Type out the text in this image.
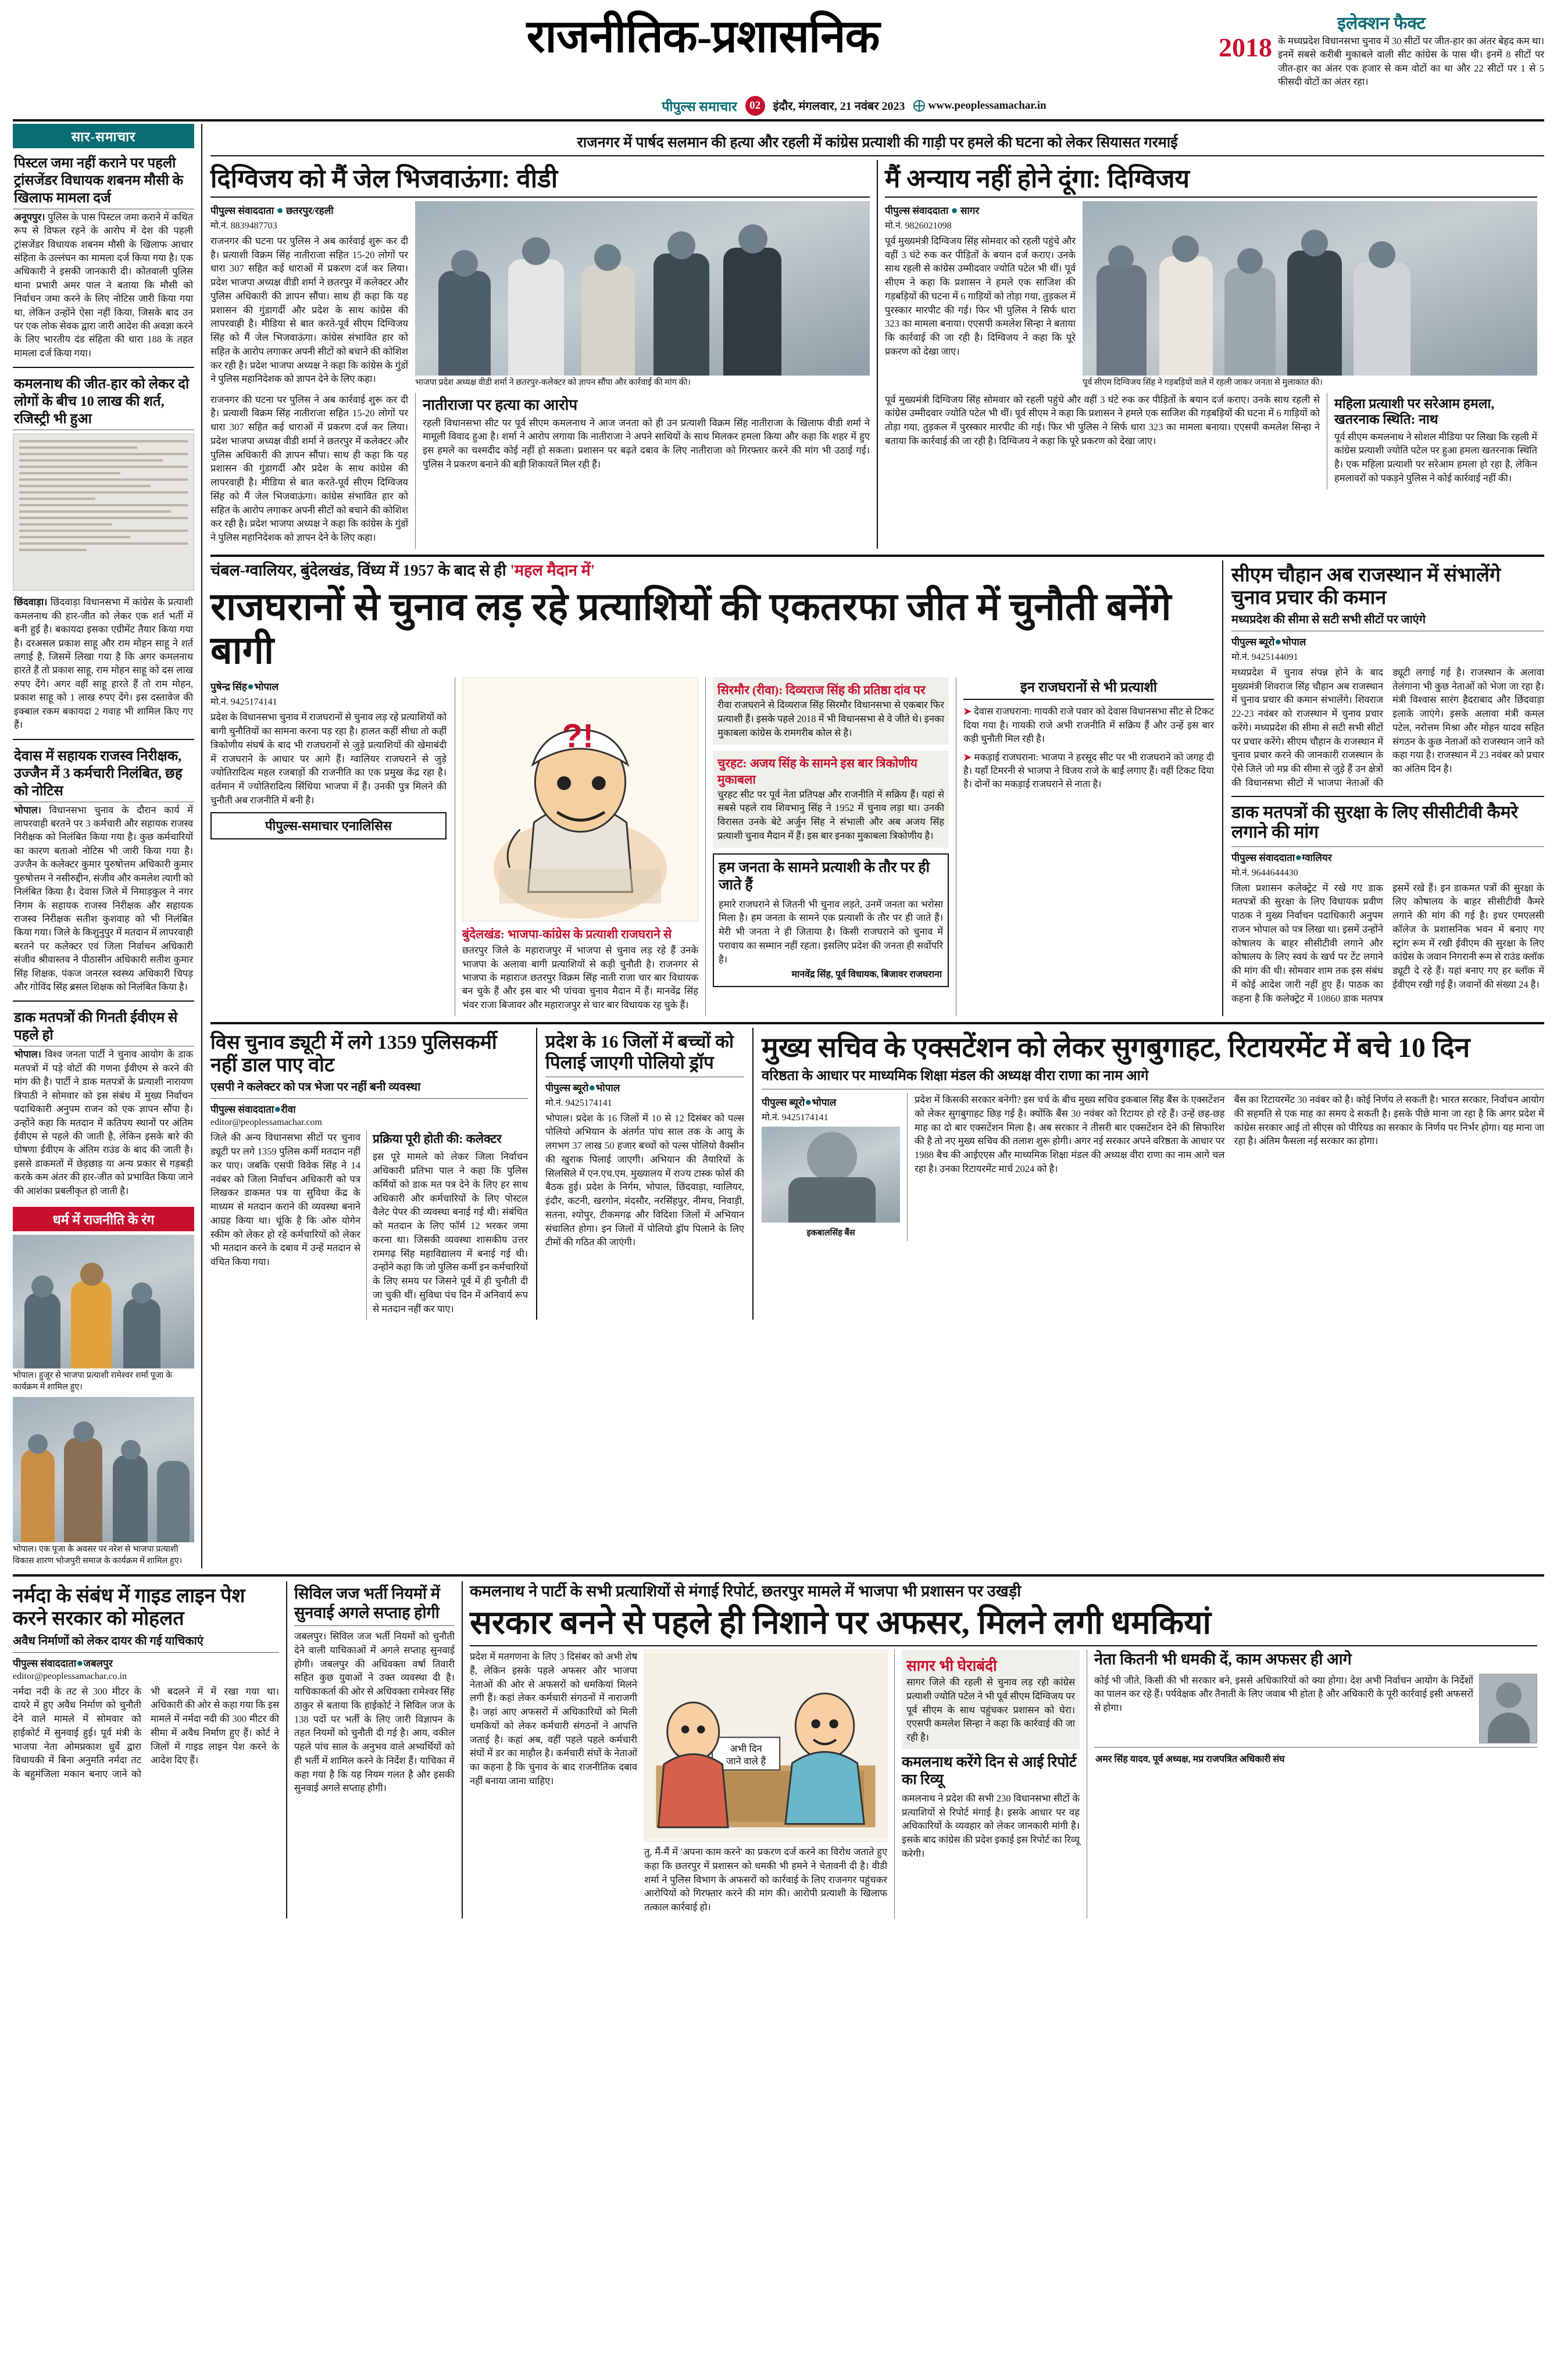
राजनीतिक-प्रशासनिक	इलेक्शन फैक्ट
2018 के मध्यप्रदेश विधानसभा चुनाव में 30 सीटों पर जीत-हार का अंतर बेहद कम था। इनमें सबसे करीबी मुकाबले वाली सीट कांग्रेस के पास थी। इनमें 8 सीटों पर जीत-हार का अंतर एक हजार से कम वोटों का था और 22 सीटों पर 1 से 5 फीसदी वोटों का अंतर रहा।
पीपुल्स समाचार	02	इंदौर, मंगलवार, 21 नवंबर 2023 www.peoplessamachar.in
सार-समाचार
पिस्टल जमा नहीं कराने पर पहली ट्रांसजेंडर विधायक शबनम मौसी के खिलाफ मामला दर्ज
अनूपपुर। पुलिस के पास पिस्टल जमा कराने में कथित रूप से विफल रहने के आरोप में देश की पहली ट्रांसजेंडर विधायक शबनम मौसी के खिलाफ आचार संहिता के उल्लंघन का मामला दर्ज किया गया है। एक अधिकारी ने इसकी जानकारी दी। कोतवाली पुलिस थाना प्रभारी अमर पाल ने बताया कि मौसी को निर्वाचन जमा करने के लिए नोटिस जारी किया गया था, लेकिन उन्होंने ऐसा नहीं किया, जिसके बाद उन पर एक लोक सेवक द्वारा जारी आदेश की अवज्ञा करने के लिए भारतीय दंड संहिता की धारा 188 के तहत मामला दर्ज किया गया।
कमलनाथ की जीत-हार को लेकर दो लोगों के बीच 10 लाख की शर्त, रजिस्ट्री भी हुआ
छिंदवाड़ा। छिंदवाड़ा विधानसभा में कांग्रेस के प्रत्याशी कमलनाथ की हार-जीत को लेकर एक शर्त भर्ती में बनी हुई है। बकायदा इसका एग्रीमेंट तैयार किया गया है। दरअसल प्रकाश साहू और राम मोहन साहू ने शर्त लगाई है, जिसमें लिखा गया है कि अगर कमलनाथ हारते हैं तो प्रकाश साहू, राम मोहन साहू को दस लाख रुपए देंगे। अगर वहीं साहू हारते हैं तो राम मोहन, प्रकाश साहू को 1 लाख रुपए देंगे। इस दस्तावेज की इक्बाल रकम बकायदा 2 गवाह भी शामिल किए गए हैं।
देवास में सहायक राजस्व निरीक्षक, उज्जैन में 3 कर्मचारी निलंबित, छह को नोटिस
भोपाल। विधानसभा चुनाव के दौरान कार्य में लापरवाही बरतने पर 3 कर्मचारी और सहायक राजस्व निरीक्षक को निलंबित किया गया है। कुछ कर्मचारियों का कारण बताओ नोटिस भी जारी किया गया है। उज्जैन के कलेक्टर कुमार पुरुषोत्तम अधिकारी कुमार पुरुषोत्तम ने नसीरुद्दीन, संजीव और कमलेश त्यागी को निलंबित किया है। देवास जिले में निमाड़कुल ने नगर निगम के सहायक राजस्व निरीक्षक और सहायक राजस्व निरीक्षक सतीश कुशवाह को भी निलंबित किया गया। जिले के किशुनुपुर में मतदान में लापरवाही बरतने पर कलेक्टर एवं जिला निर्वाचन अधिकारी संजीव श्रीवास्तव ने पीठासीन अधिकारी सतीश कुमार सिंह शिक्षक, पंकज जनरल स्वस्थ्य अधिकारी चिपड़ और गोविंद सिंह ब्रसल शिक्षक को निलंबित किया है।
डाक मतपत्रों की गिनती ईवीएम से पहले हो
भोपाल। विश्व जनता पार्टी ने चुनाव आयोग के डाक मतपत्रों में पड़े वोटों की गणना ईवीएम से करने की मांग की है। पार्टी ने डाक मतपत्रों के प्रत्याशी नारायण त्रिपाठी ने सोमवार को इस संबंध में मुख्य निर्वाचन पदाधिकारी अनुपम राजन को एक ज्ञापन सौंपा है। उन्होंने कहा कि मतदान में कतिपय स्थानों पर अंतिम ईवीएम से पहले की जाती है, लेकिन इसके बारे की घोषणा ईवीएम के अंतिम राउंड के बाद की जाती है। इससे डाकमतों में छेड़छाड़ या अन्य प्रकार से गड़बड़ी करके कम अंतर की हार-जीत को प्रभावित किया जाने की आशंका प्रबलीकृत हो जाती है।
धर्म में राजनीति के रंग
भोपाल। हुजूर से भाजपा प्रत्याशी रामेश्वर शर्मा पूजा के कार्यक्रम में शामिल हुए।
भोपाल। एक पूजा के अवसर पर नरेश से भाजपा प्रत्याशी विकास शारण भोजपुरी समाज के कार्यक्रम में शामिल हुए।
राजनगर में पार्षद सलमान की हत्या और रहली में कांग्रेस प्रत्याशी की गाड़ी पर हमले की घटना को लेकर सियासत गरमाई
दिग्विजय को मैं जेल भिजवाऊंगा: वीडी
पीपुल्स संवाददाता ● छतरपुर/रहली
मो.नं. 8839487703

राजनगर की घटना पर पुलिस ने अब कार्रवाई शुरू कर दी है। प्रत्याशी विक्रम सिंह नातीराजा सहित 15-20 लोगों पर धारा 307 सहित कई धाराओं में प्रकरण दर्ज कर लिया। प्रदेश भाजपा अध्यक्ष वीडी शर्मा ने छतरपुर में कलेक्टर और पुलिस अधिकारी की ज्ञापन सौंपा। साथ ही कहा कि यह प्रशासन की गुंडागर्दी और प्रदेश के साथ कांग्रेस की लापरवाही है। मीडिया से बात करते-पूर्व सीएम दिग्विजय सिंह को मैं जेल भिजवाऊंगा। कांग्रेस संभावित हार को सहित के आरोप लगाकर अपनी सीटों को बचाने की कोशिश कर रही है। प्रदेश भाजपा अध्यक्ष ने कहा कि कांग्रेस के गुंडों ने पुलिस महानिदेशक को ज्ञापन देने के लिए कहा।	भाजपा प्रदेश अध्यक्ष वीडी शर्मा ने छतरपुर-कलेक्टर को ज्ञापन सौंपा और कार्रवाई की मांग की।

राजनगर की घटना पर पुलिस ने अब कार्रवाई शुरू कर दी है। प्रत्याशी विक्रम सिंह नातीराजा सहित 15-20 लोगों पर धारा 307 सहित कई धाराओं में प्रकरण दर्ज कर लिया। प्रदेश भाजपा अध्यक्ष वीडी शर्मा ने छतरपुर में कलेक्टर और पुलिस अधिकारी की ज्ञापन सौंपा। साथ ही कहा कि यह प्रशासन की गुंडागर्दी और प्रदेश के साथ कांग्रेस की लापरवाही है। मीडिया से बात करते-पूर्व सीएम दिग्विजय सिंह को मैं जेल भिजवाऊंगा। कांग्रेस संभावित हार को सहित के आरोप लगाकर अपनी सीटों को बचाने की कोशिश कर रही है। प्रदेश भाजपा अध्यक्ष ने कहा कि कांग्रेस के गुंडों ने पुलिस महानिदेशक को ज्ञापन देने के लिए कहा।

नातीराजा पर हत्या का आरोप

रहली विधानसभा सीट पर पूर्व सीएम कमलनाथ ने आज जनता को ही उन प्रत्याशी विक्रम सिंह नातीराजा के खिलाफ वीडी शर्मा ने मामूली विवाद हुआ है। शर्मा ने आरोप लगाया कि नातीराजा ने अपने साथियों के साथ मिलकर हमला किया और कहा कि शहर में हुए इस हमले का चश्मदीद कोई नहीं हो सकता। प्रशासन पर बढ़ते दबाव के लिए नातीराजा को गिरफ्तार करने की मांग भी उठाई गई। पुलिस ने प्रकरण बनाने की बड़ी शिकायतें मिल रही हैं।

मैं अन्याय नहीं होने दूंगा: दिग्विजय
पीपुल्स संवाददाता ● सागर
मो.नं. 9826021098

पूर्व मुख्यमंत्री दिग्विजय सिंह सोमवार को रहली पहुंचे और वहीं 3 घंटे रुक कर पीड़ितों के बयान दर्ज कराए। उनके साथ रहली से कांग्रेस उम्मीदवार ज्योति पटेल भी थीं। पूर्व सीएम ने कहा कि प्रशासन ने हमले एक साजिश की गड़बड़ियों की घटना में 6 गाड़ियों को तोड़ा गया, तुड़कल में पुरस्कार मारपीट की गई। फिर भी पुलिस ने सिर्फ धारा 323 का मामला बनाया। एएसपी कमलेश सिन्हा ने बताया कि कार्रवाई की जा रही है। दिग्विजय ने कहा कि पूरे प्रकरण को देखा जाए।

पूर्व सीएम दिग्विजय सिंह ने गड़बड़ियों वाले में रहली जाकर जनता से मुलाकात की।

पूर्व मुख्यमंत्री दिग्विजय सिंह सोमवार को रहली पहुंचे और वहीं 3 घंटे रुक कर पीड़ितों के बयान दर्ज कराए। उनके साथ रहली से कांग्रेस उम्मीदवार ज्योति पटेल भी थीं। पूर्व सीएम ने कहा कि प्रशासन ने हमले एक साजिश की गड़बड़ियों की घटना में 6 गाड़ियों को तोड़ा गया, तुड़कल में पुरस्कार मारपीट की गई। फिर भी पुलिस ने सिर्फ धारा 323 का मामला बनाया। एएसपी कमलेश सिन्हा ने बताया कि कार्रवाई की जा रही है। दिग्विजय ने कहा कि पूरे प्रकरण को देखा जाए।

महिला प्रत्याशी पर सरेआम हमला, खतरनाक स्थिति: नाथ

पूर्व सीएम कमलनाथ ने सोशल मीडिया पर लिखा कि रहली में कांग्रेस प्रत्याशी ज्योति पटेल पर हुआ हमला खतरनाक स्थिति है। एक महिला प्रत्याशी पर सरेआम हमला हो रहा है, लेकिन हमलावरों को पकड़ने पुलिस ने कोई कार्रवाई नहीं की।

चंबल-ग्वालियर, बुंदेलखंड, विंध्य में 1957 के बाद से ही 'महल मैदान में'
राजघरानों से चुनाव लड़ रहे प्रत्याशियों की एकतरफा जीत में चुनौती बनेंगे बागी
पुषेन्द्र सिंह●भोपाल
मो.नं. 9425174141

प्रदेश के विधानसभा चुनाव में राजघरानों से चुनाव लड़ रहे प्रत्याशियों को बागी चुनौतियों का सामना करना पड़ रहा है। हालत कहीं सीधा तो कहीं त्रिकोणीय संघर्ष के बाद भी राजघरानों से जुड़े प्रत्याशियों की खेमाबंदी में राजघराने के आधार पर आगे हैं। ग्वालियर राजघराने से जुड़े ज्योतिरादित्य महल रजबाड़ों की राजनीति का एक प्रमुख केंद्र रहा है। वर्तमान में ज्योतिरादित्य सिंधिया भाजपा में हैं। उनकी पुत्र मिलने की चुनौती अब राजनीति में बनी है।

पीपुल्स-समाचार एनालिसिस
?!
बुंदेलखंड: भाजपा-कांग्रेस के प्रत्याशी राजघराने से
छतरपुर जिले के महाराजपुर में भाजपा से चुनाव लड़ रहे हैं उनके भाजपा के अलावा बागी प्रत्याशियों से कड़ी चुनौती है। राजनगर से भाजपा के महाराज छतरपुर विक्रम सिंह नाती राजा चार बार विधायक बन चुके हैं और इस बार भी पांचवा चुनाव मैदान में हैं। मानवेंद्र सिंह भंवर राजा बिजावर और महाराजपुर से चार बार विधायक रह चुके हैं।
सिरमौर (रीवा): दिव्यराज सिंह की प्रतिष्ठा दांव पर
रीवा राजघराने से दिव्यराज सिंह सिरमौर विधानसभा से एकबार फिर प्रत्याशी हैं। इसके पहले 2018 में भी विधानसभा से वे जीते थे। इनका मुकाबला कांग्रेस के रामगरीब कोल से है।
चुरहट: अजय सिंह के सामने इस बार त्रिकोणीय मुकाबला
चुरहट सीट पर पूर्व नेता प्रतिपक्ष और राजनीति में सक्रिय हैं। यहां से सबसे पहले राव शिवभानु सिंह ने 1952 में चुनाव लड़ा था। उनकी विरासत उनके बेटे अर्जुन सिंह ने संभाली और अब अजय सिंह प्रत्याशी चुनाव मैदान में हैं। इस बार इनका मुकाबला त्रिकोणीय है।
हम जनता के सामने प्रत्याशी के तौर पर ही जाते हैं
हमारे राजघराने से जितनी भी चुनाव लड़ते, उनमें जनता का भरोसा मिला है। हम जनता के सामने एक प्रत्याशी के तौर पर ही जाते हैं। मेरी भी जनता ने ही जिताया है। किसी राजघराने को चुनाव में परावाय का सम्मान नहीं रहता। इसलिए प्रदेश की जनता ही सर्वोपरि है।
मानवेंद्र सिंह, पूर्व विधायक, बिजावर राजघराना
इन राजघरानों से भी प्रत्याशी
➤ देवास राजघराना: गायकी राजे पवार को देवास विधानसभा सीट से टिकट दिया गया है। गायकी राजे अभी राजनीति में सक्रिय हैं और उन्हें इस बार कड़ी चुनौती मिल रही है।
➤ मकड़ाई राजघराना: भाजपा ने हरसूद सीट पर भी राजघराने को जगह दी है। यहाँ टिमरनी से भाजपा ने विजय राजे के बाईं लगाए हैं। वहीं टिकट दिया है। दोनों का मकड़ाई राजघराने से नाता है।
सीएम चौहान अब राजस्थान में संभालेंगे चुनाव प्रचार की कमान
मध्यप्रदेश की सीमा से सटी सभी सीटों पर जाएंगे
पीपुल्स ब्यूरो●भोपाल
मो.नं. 9425144091

मध्यप्रदेश में चुनाव संपन्न होने के बाद मुख्यमंत्री शिवराज सिंह चौहान अब राजस्थान में चुनाव प्रचार की कमान संभालेंगे। शिवराज 22-23 नवंबर को राजस्थान में चुनाव प्रचार करेंगे। मध्यप्रदेश की सीमा से सटी सभी सीटों पर प्रचार करेंगे। सीएम चौहान के राजस्थान में चुनाव प्रचार करने की जानकारी राजस्थान के ऐसे जिले जो मप्र की सीमा से जुड़े हैं उन क्षेत्रों की विधानसभा सीटों में भाजपा नेताओं की ड्यूटी लगाई गई है। राजस्थान के अलावा तेलंगाना भी कुछ नेताओं को भेजा जा रहा है। मंत्री विश्वास सारंग हैदराबाद और छिंदवाड़ा इलाके जाएंगे। इसके अलावा मंत्री कमल पटेल, नरोत्तम मिश्रा और मोहन यादव सहित संगठन के कुछ नेताओं को राजस्थान जाने को कहा गया है। राजस्थान में 23 नवंबर को प्रचार का अंतिम दिन है।

डाक मतपत्रों की सुरक्षा के लिए सीसीटीवी कैमरे लगाने की मांग
पीपुल्स संवाददाता●ग्वालियर
मो.नं. 9644644430

जिला प्रशासन कलेक्ट्रेट में रखे गए डाक मतपत्रों की सुरक्षा के लिए विधायक प्रवीण पाठक ने मुख्य निर्वाचन पदाधिकारी अनुपम राजन भोपाल को पत्र लिखा था। इसमें उन्होंने कोषालय के बाहर सीसीटीवी लगाने और कोषालय के लिए स्वयं के खर्च पर टेंट लगाने की मांग की थी। सोमवार शाम तक इस संबंध में कोई आदेश जारी नहीं हुए हैं। पाठक का कहना है कि कलेक्ट्रेट में 10860 डाक मतपत्र इसमें रखे हैं। इन डाकमत पत्रों की सुरक्षा के लिए कोषालय के बाहर सीसीटीवी कैमरे लगाने की मांग की गई है। इधर एमएलसी कॉलेज के प्रशासनिक भवन में बनाए गए स्ट्रांग रूम में रखी ईवीएम की सुरक्षा के लिए कांग्रेस के जवान निगरानी रूम से राउंड क्लॉक ड्यूटी दे रहे हैं। यहां बनाए गए हर ब्लॉक में ईवीएम रखी गई हैं। जवानों की संख्या 24 है।

विस चुनाव ड्यूटी में लगे 1359 पुलिसकर्मी नहीं डाल पाए वोट
एसपी ने कलेक्टर को पत्र भेजा पर नहीं बनी व्यवस्था
पीपुल्स संवाददाता●रीवा
editor@peoplessamachar.com

जिले की अन्य विधानसभा सीटों पर चुनाव ड्यूटी पर लगे 1359 पुलिस कर्मी मतदान नहीं कर पाए। जबकि एसपी विवेक सिंह ने 14 नवंबर को जिला निर्वाचन अधिकारी को पत्र लिखकर डाकमत पत्र या सुविधा केंद्र के माध्यम से मतदान कराने की व्यवस्था बनाने आग्रह किया था। चूंकि है कि ओरु योगेन स्कीम को लेकर हो रहे कर्मचारियों को लेकर भी मतदान करने के दबाव में उन्हें मतदान से वंचित किया गया।

प्रक्रिया पूरी होती की: कलेक्टर

इस पूरे मामले को लेकर जिला निर्वाचन अधिकारी प्रतिभा पाल ने कहा कि पुलिस कर्मियों को डाक मत पत्र देने के लिए हर साथ अधिकारी और कर्मचारियों के लिए पोस्टल वैलेट पेपर की व्यवस्था बनाई गई थी। संबंधित को मतदान के लिए फॉर्म 12 भरकर जमा करना था। जिसकी व्यवस्था शासकीय उत्तर रामगढ़ सिंह महाविद्यालय में बनाई गई थी। उन्होंने कहा कि जो पुलिस कर्मी इन कर्मचारियों के लिए समय पर जिसने पूर्व में ही चुनौती दी जा चुकी थीं। सुविधा पंच दिन में अनिवार्य रूप से मतदान नहीं कर पाए।

प्रदेश के 16 जिलों में बच्चों को पिलाई जाएगी पोलियो ड्रॉप
पीपुल्स ब्यूरो●भोपाल
मो.नं. 9425174141

भोपाल। प्रदेश के 16 जिलों में 10 से 12 दिसंबर को पल्स पोलियो अभियान के अंतर्गत पांच साल तक के आयु के लगभग 37 लाख 50 हजार बच्चों को पल्स पोलियो वैक्सीन की खुराक पिलाई जाएगी। अभियान की तैयारियों के सिलसिले में एन.एच.एम. मुख्यालय में राज्य टास्क फोर्स की बैठक हुई। प्रदेश के निर्गम, भोपाल, छिंदवाड़ा, ग्वालियर, इंदौर, कटनी, खरगोन, मंदसौर, नरसिंहपुर, नीमच, निवाड़ी, सतना, श्योपुर, टीकमगढ़ और विदिशा जिलों में अभियान संचालित होगा। इन जिलों में पोलियो ड्रॉप पिलाने के लिए टीमों की गठित की जाएंगी।

मुख्य सचिव के एक्सटेंशन को लेकर सुगबुगाहट, रिटायरमेंट में बचे 10 दिन
वरिष्ठता के आधार पर माध्यमिक शिक्षा मंडल की अध्यक्ष वीरा राणा का नाम आगे
पीपुल्स ब्यूरो●भोपाल
मो.नं. 9425174141
इकबालसिंह बैंस

प्रदेश में किसकी सरकार बनेगी? इस चर्च के बीच मुख्य सचिव इकबाल सिंह बैंस के एक्सटेंशन को लेकर सुगबुगाहट छिड़ गई है। क्योंकि बैंस 30 नवंबर को रिटायर हो रहे हैं। उन्हें छह-छह माह का दो बार एक्सटेंशन मिला है। अब सरकार ने तीसरी बार एक्सटेंशन देने की सिफारिश की है तो नए मुख्य सचिव की तलाश शुरू होगी। अगर नई सरकार अपने वरिष्ठता के आधार पर 1988 बैच की आईएएस और माध्यमिक शिक्षा मंडल की अध्यक्ष वीरा राणा का नाम आगे चल रहा है। उनका रिटायरमेंट मार्च 2024 को है।

बैंस का रिटायरमेंट 30 नवंबर को है। कोई निर्णय ले सकती है। भारत सरकार, निर्वाचन आयोग की सहमति से एक माह का समय दे सकती है। इसके पीछे माना जा रहा है कि अगर प्रदेश में कांग्रेस सरकार आई तो सीएस को पीरियड का सरकार के निर्णय पर निर्भर होगा। यह माना जा रहा है। अंतिम फैसला नई सरकार का होगा।

नर्मदा के संबंध में गाइड लाइन पेश करने सरकार को मोहलत
अवैध निर्माणों को लेकर दायर की गई याचिकाएं
पीपुल्स संवाददाता●जबलपुर
editor@peoplessamachar.co.in

नर्मदा नदी के तट से 300 मीटर के दायरे में हुए अवैध निर्माण को चुनौती देने वाले मामले में सोमवार को हाईकोर्ट में सुनवाई हुई। पूर्व मंत्री के भाजपा नेता ओमप्रकाश धुर्वे द्वारा विधायकी में बिना अनुमति नर्मदा तट के बहुमंजिला मकान बनाए जाने को भी बदलने में में रखा गया था। अधिकारी की ओर से कहा गया कि इस मामले में नर्मदा नदी की 300 मीटर की सीमा में अवैध निर्माण हुए हैं। कोर्ट ने जिलों में गाइड लाइन पेश करने के आदेश दिए हैं।

सिविल जज भर्ती नियमों में सुनवाई अगले सप्ताह होगी

जबलपुर। सिविल जज भर्ती नियमों को चुनौती देने वाली याचिकाओं में अगले सप्ताह सुनवाई होगी। जबलपुर की अधिवक्ता वर्षा तिवारी सहित कुछ युवाओं ने उक्त व्यवस्था दी है। याचिकाकर्ता की ओर से अधिवक्ता रामेश्वर सिंह ठाकुर से बताया कि हाईकोर्ट ने सिविल जज के 138 पदों पर भर्ती के लिए जारी विज्ञापन के तहत नियमों को चुनौती दी गई है। आय, वकील पहले पांच साल के अनुभव वाले अभ्यर्थियों को ही भर्ती में शामिल करने के निर्देश हैं। याचिका में कहा गया है कि यह नियम गलत है और इसकी सुनवाई अगले सप्ताह होगी।

कमलनाथ ने पार्टी के सभी प्रत्याशियों से मंगाई रिपोर्ट, छतरपुर मामले में भाजपा भी प्रशासन पर उखड़ी
सरकार बनने से पहले ही निशाने पर अफसर, मिलने लगी धमकियां

प्रदेश में मतगणना के लिए 3 दिसंबर को अभी शेष हैं, लेकिन इसके पहले अफसर और भाजपा नेताओं की ओर से अफसरों को धमकियां मिलने लगी हैं। कहां लेकर कर्मचारी संगठनों में नाराजगी है। जहां आए अफसरों में अधिकारियों को मिली धमकियों को लेकर कर्मचारी संगठनों ने आपत्ति जताई है। कहां अब, वहीं पहले पहले कर्मचारी संघों में डर का माहौल है। कर्मचारी संघों के नेताओं का कहना है कि चुनाव के बाद राजनीतिक दबाव नहीं बनाया जाना चाहिए।

अभी दिन
जाने वाले हैं

तु, मैं-मैं में 'अपना काम करने' का प्रकरण दर्ज करने का विरोध जताते हुए कहा कि छतरपुर में प्रशासन को धमकी भी हमने ने चेतावनी दी है। वीडी शर्मा ने पुलिस विभाग के अफसरों को कार्रवाई के लिए राजनगर पहुंचकर आरोपियों को गिरफ्तार करने की मांग की। आरोपी प्रत्याशी के खिलाफ तत्काल कार्रवाई हो।

सागर भी घेराबंदी
सागर जिले की रहली से चुनाव लड़ रही कांग्रेस प्रत्याशी ज्योति पटेल ने भी पूर्व सीएम दिग्विजय पर पूर्व सीएम के साथ पहुंचकर प्रशासन को घेरा। एएसपी कमलेश सिन्हा ने कहा कि कार्रवाई की जा रही है।
कमलनाथ करेंगे दिन से आई रिपोर्ट का रिव्यू
कमलनाथ ने प्रदेश की सभी 230 विधानसभा सीटों के प्रत्याशियों से रिपोर्ट मंगाई है। इसके आधार पर वह अधिकारियों के व्यवहार को लेकर जानकारी मांगी है। इसके बाद कांग्रेस की प्रदेश इकाई इस रिपोर्ट का रिव्यू करेगी।
नेता कितनी भी धमकी दें, काम अफसर ही आगे
कोई भी जीते, किसी की भी सरकार बने, इससे अधिकारियों को क्या होगा। देश अभी निर्वाचन आयोग के निर्देशों का पालन कर रहे हैं। पर्यवेक्षक और तैनाती के लिए जवाब भी होता है और अधिकारी के पूरी कार्रवाई इसी अफसरों से होगा।
अमर सिंह यादव, पूर्व अध्यक्ष, मप्र राजपत्रित अधिकारी संघ
